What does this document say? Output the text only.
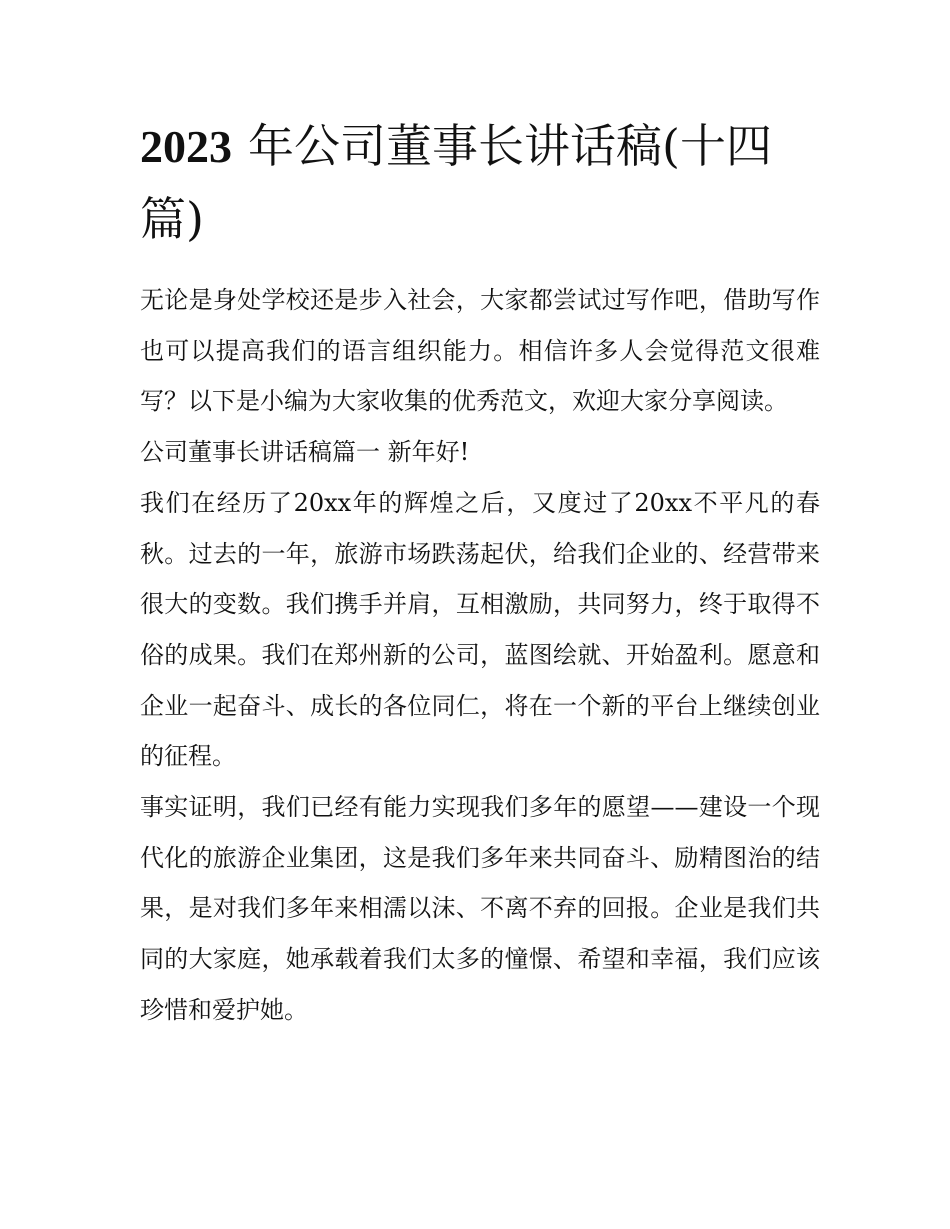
2023 年公司董事长讲话稿(十四篇)

无论是身处学校还是步入社会，大家都尝试过写作吧，借助写作也可以提高我们的语言组织能力。相信许多人会觉得范文很难写？以下是小编为大家收集的优秀范文，欢迎大家分享阅读。

公司董事长讲话稿篇一 新年好!

我们在经历了20xx年的辉煌之后，又度过了20xx不平凡的春秋。过去的一年，旅游市场跌荡起伏，给我们企业的、经营带来很大的变数。我们携手并肩，互相激励，共同努力，终于取得不俗的成果。我们在郑州新的公司，蓝图绘就、开始盈利。愿意和企业一起奋斗、成长的各位同仁，将在一个新的平台上继续创业的征程。

事实证明，我们已经有能力实现我们多年的愿望——建设一个现代化的旅游企业集团，这是我们多年来共同奋斗、励精图治的结果，是对我们多年来相濡以沫、不离不弃的回报。企业是我们共同的大家庭，她承载着我们太多的憧憬、希望和幸福，我们应该珍惜和爱护她。
